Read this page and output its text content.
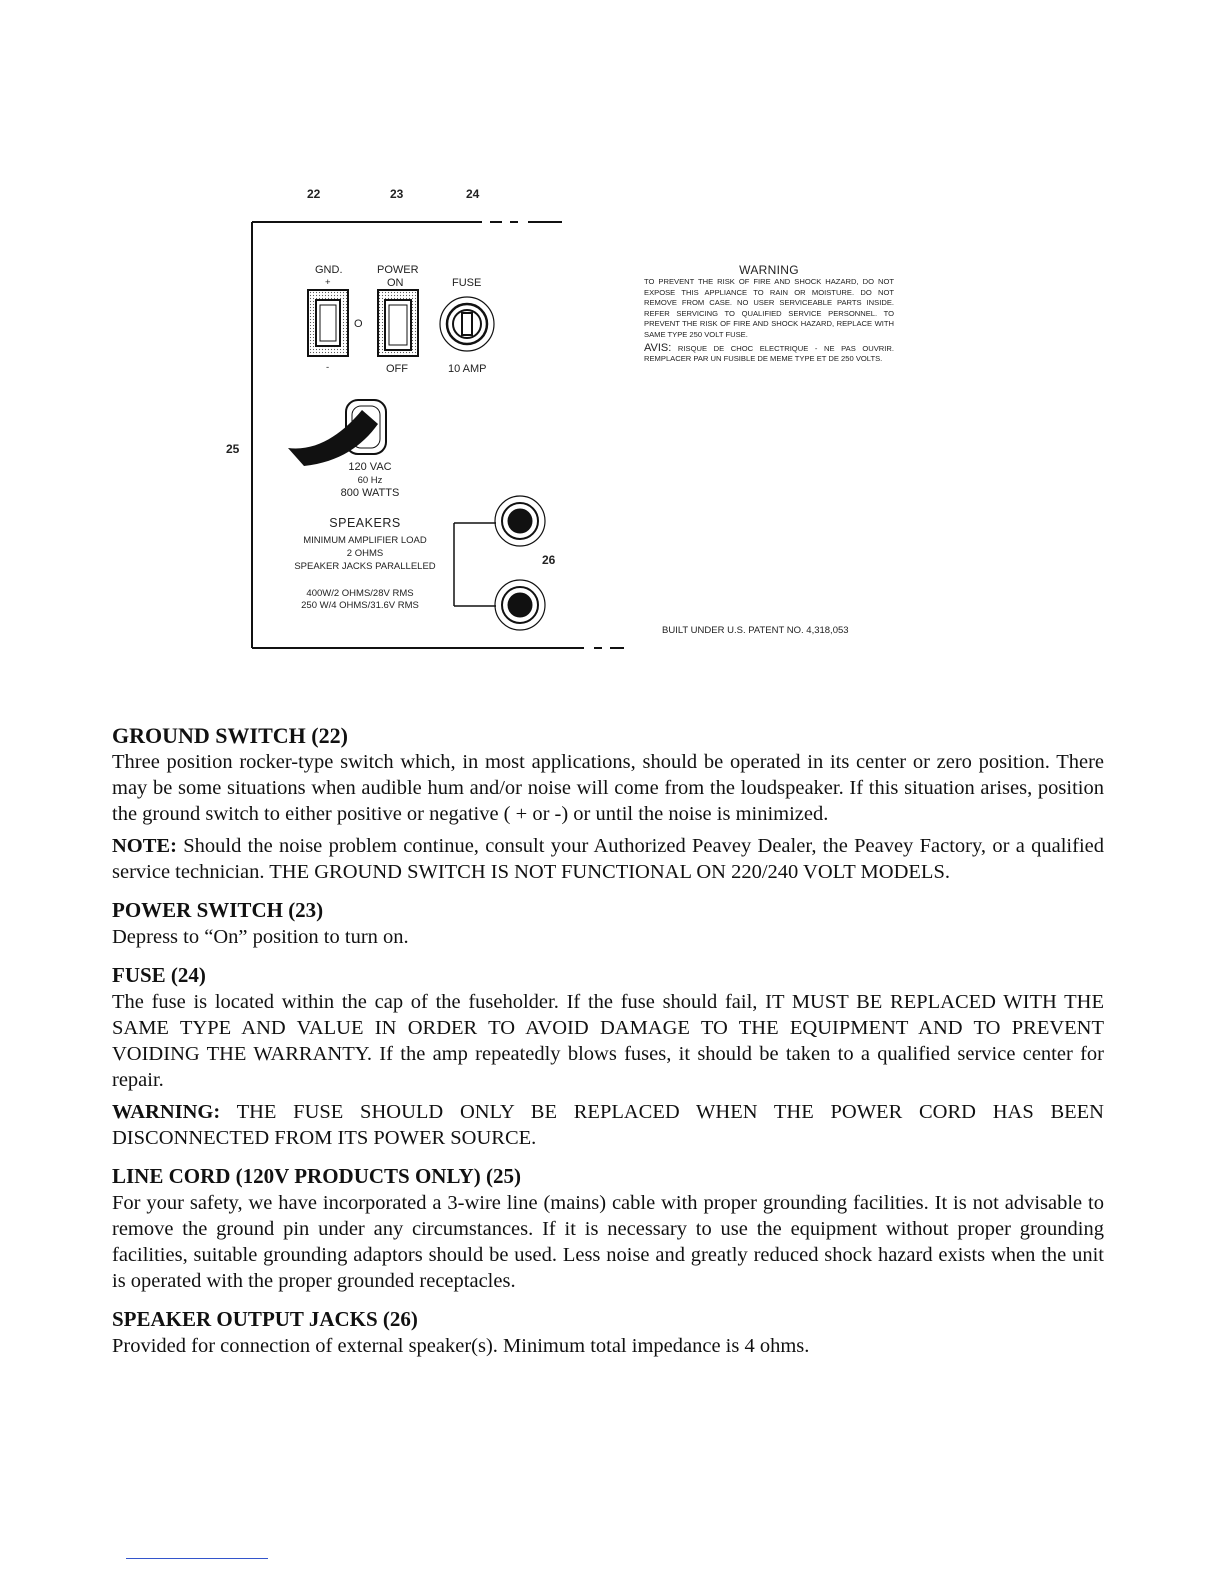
22	23	24
25
26
GND.
+
O
-
POWER
ON
OFF
FUSE
10 AMP
120 VAC
60 Hz
800 WATTS
SPEAKERS
MINIMUM AMPLIFIER LOAD
2 OHMS
SPEAKER JACKS PARALLELED
400W/2 OHMS/28V RMS
250 W/4 OHMS/31.6V RMS
WARNING
TO PREVENT THE RISK OF FIRE AND SHOCK HAZARD, DO NOT EXPOSE THIS APPLIANCE TO RAIN OR MOISTURE. DO NOT REMOVE FROM CASE. NO USER SERVICEABLE PARTS INSIDE. REFER SERVICING TO QUALIFIED SERVICE PERSONNEL. TO PREVENT THE RISK OF FIRE AND SHOCK HAZARD, REPLACE WITH SAME TYPE 250 VOLT FUSE.
AVIS: RISQUE DE CHOC ELECTRIQUE - NE PAS OUVRIR. REMPLACER PAR UN FUSIBLE DE MEME TYPE ET DE 250 VOLTS.
BUILT UNDER U.S. PATENT NO. 4,318,053
GROUND SWITCH (22)

Three position rocker-type switch which, in most applications, should be operated in its center or zero position. There may be some situations when audible hum and/or noise will come from the loudspeaker. If this situation arises, position the ground switch to either positive or negative ( + or -) or until the noise is minimized.

NOTE: Should the noise problem continue, consult your Authorized Peavey Dealer, the Peavey Factory, or a qualified service technician. THE GROUND SWITCH IS NOT FUNCTIONAL ON 220/240 VOLT MODELS.

POWER SWITCH (23)

Depress to “On” position to turn on.

FUSE (24)

The fuse is located within the cap of the fuseholder. If the fuse should fail, IT MUST BE REPLACED WITH THE SAME TYPE AND VALUE IN ORDER TO AVOID DAMAGE TO THE EQUIPMENT AND TO PREVENT VOIDING THE WARRANTY. If the amp repeatedly blows fuses, it should be taken to a qualified service center for repair.

WARNING: THE FUSE SHOULD ONLY BE REPLACED WHEN THE POWER CORD HAS BEEN DISCONNECTED FROM ITS POWER SOURCE.

LINE CORD (120V PRODUCTS ONLY) (25)

For your safety, we have incorporated a 3-wire line (mains) cable with proper grounding facilities. It is not advisable to remove the ground pin under any circumstances. If it is necessary to use the equipment without proper grounding facilities, suitable grounding adaptors should be used. Less noise and greatly reduced shock hazard exists when the unit is operated with the proper grounded receptacles.

SPEAKER OUTPUT JACKS (26)

Provided for connection of external speaker(s). Minimum total impedance is 4 ohms.
